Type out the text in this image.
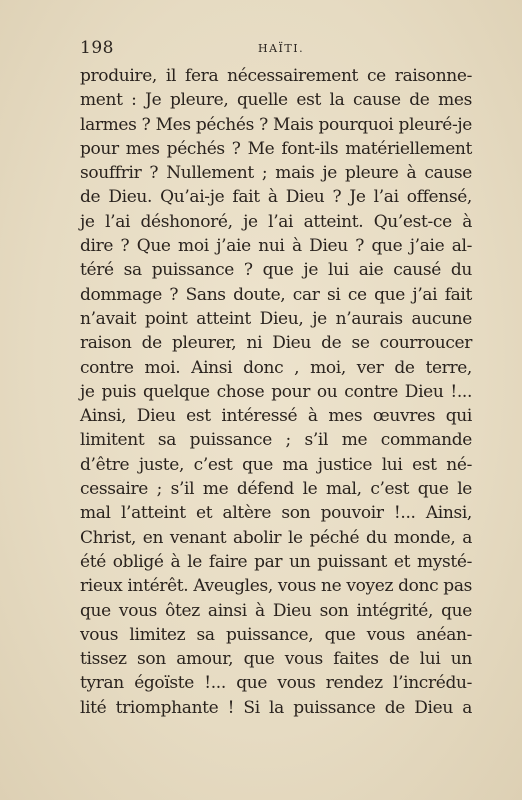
198	HAÏTI.
produire, il fera nécessairement ce raisonne-
ment : Je pleure, quelle est la cause de mes
larmes ? Mes péchés ? Mais pourquoi pleuré-je
pour mes péchés ? Me font-ils matériellement
souffrir ? Nullement ; mais je pleure à cause
de Dieu. Qu’ai-je fait à Dieu ? Je l’ai offensé,
je l’ai déshonoré, je l’ai atteint. Qu’est-ce à
dire ? Que moi j’aie nui à Dieu ? que j’aie al-
téré sa puissance ? que je lui aie causé du
dommage ? Sans doute, car si ce que j’ai fait
n’avait point atteint Dieu, je n’aurais aucune
raison de pleurer, ni Dieu de se courroucer
contre moi. Ainsi donc , moi, ver de terre,
je puis quelque chose pour ou contre Dieu !...
Ainsi, Dieu est intéressé à mes œuvres qui
limitent sa puissance ; s’il me commande
d’être juste, c’est que ma justice lui est né-
cessaire ; s’il me défend le mal, c’est que le
mal l’atteint et altère son pouvoir !... Ainsi,
Christ, en venant abolir le péché du monde, a
été obligé à le faire par un puissant et mysté-
rieux intérêt. Aveugles, vous ne voyez donc pas
que vous ôtez ainsi à Dieu son intégrité, que
vous limitez sa puissance, que vous anéan-
tissez son amour, que vous faites de lui un
tyran égoïste !... que vous rendez l’incrédu-
lité triomphante ! Si la puissance de Dieu a
